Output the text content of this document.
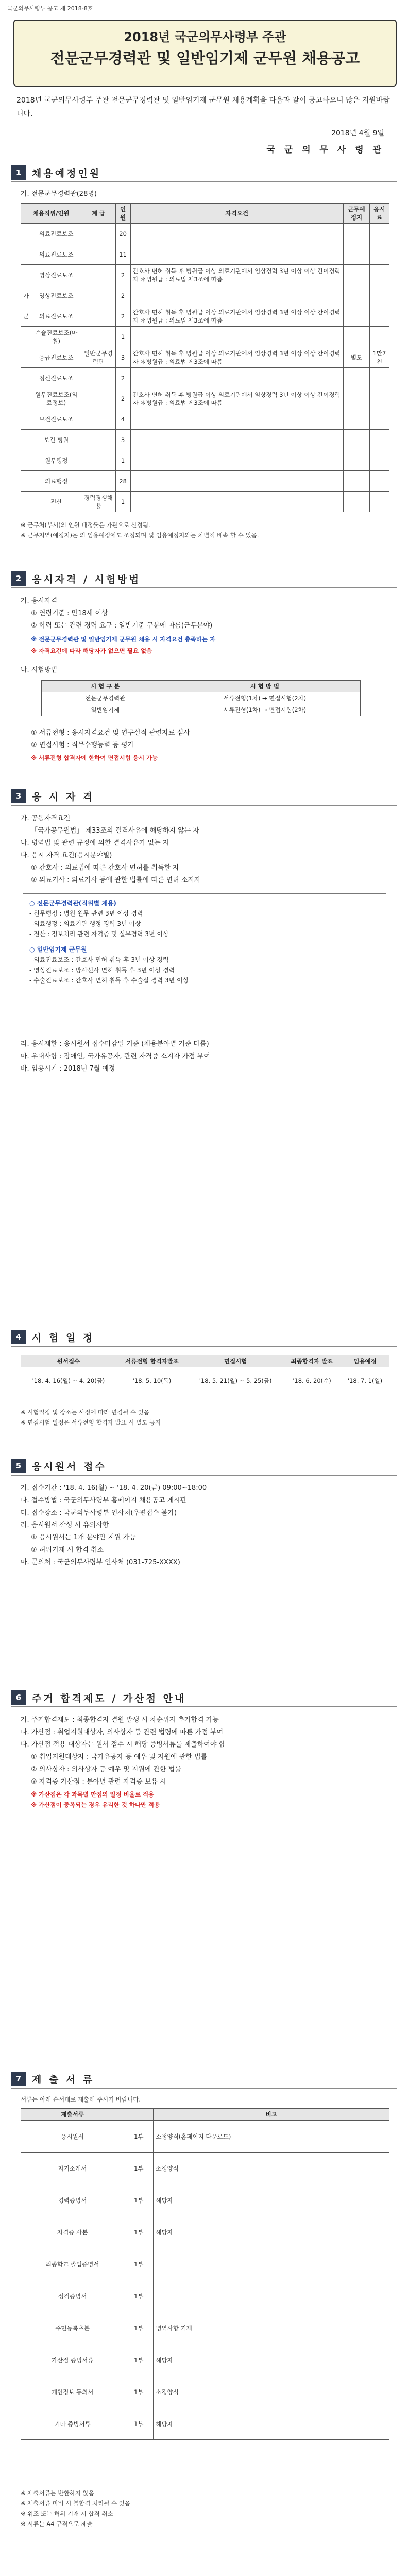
국군의무사령부 공고 제 2018-8호
2018년 국군의무사령부 주관
전문군무경력관 및 일반임기제 군무원 채용공고
2018년 국군의무사령부 주관 전문군무경력관 및 일반임기제 군무원 채용계획을 다음과 같이 공고하오니 많은 지원바랍니다.
2018년 4월 9일
국 군 의 무 사 령 관
1	채용예정인원
가. 전문군무경력관(28명)
채용직위/인원		계 급	인원	자격요건	근무예정지	응시료
	의료진료보조		20			
	의료진료보조		11			
	영상진료보조		2	간호사 면허 취득 후 병원급 이상 의료기관에서 임상경력 3년 이상 이상 간이경력자 ＊병원급 : 의료법 제3조에 따름		
가	영상진료보조		2			
군	의료진료보조		2	간호사 면허 취득 후 병원급 이상 의료기관에서 임상경력 3년 이상 이상 간이경력자 ＊병원급 : 의료법 제3조에 따름		
	수술진료보조(마취)		1			
	응급진료보조	일반군무경력관	3	간호사 면허 취득 후 병원급 이상 의료기관에서 임상경력 3년 이상 이상 간이경력자 ＊병원급 : 의료법 제3조에 따름	별도	1만7천
	정신진료보조		2			
	원무진료보조(의료정보)		2	간호사 면허 취득 후 병원급 이상 의료기관에서 임상경력 3년 이상 이상 간이경력자 ＊병원급 : 의료법 제3조에 따름		
	보건진료보조		4			
	보건 병원		3			
	원무행정		1			
	의료행정		28			
	전산	경력경쟁채용	1			
※ 근무처(부서)의 인원 배정률은 가관으로 산정됨.
※ 근무지역(예정지)은 의 임용예정에도 조정되며 및 임용예정지와는 차별적 배속 할 수 있음.
2	응시자격 / 시험방법
가. 응시자격
① 연령기준 : 만18세 이상
② 학력 또는 관련 경력 요구 : 일반기준 구분에 따름(근무분야)
※ 전문군무경력관 및 일반임기제 군무원 채용 시 자격요건 충족하는 자
※ 자격요건에 따라 해당자가 없으면 필요 없음
나. 시험방법
시 험 구 분	시 험 방 법
전문군무경력관	서류전형(1차) → 면접시험(2차)
일반임기제	서류전형(1차) → 면접시험(2차)
① 서류전형 : 응시자격요건 및 연구실적 관련자료 심사
② 면접시험 : 직무수행능력 등 평가
※ 서류전형 합격자에 한하여 면접시험 응시 가능
3	응 시 자 격
가. 공통자격요건
「국가공무원법」 제33조의 결격사유에 해당하지 않는 자
나. 병역법 및 관련 규정에 의한 결격사유가 없는 자
다. 응시 자격 요건(응시분야별)
① 간호사 : 의료법에 따른 간호사 면허를 취득한 자
② 의료기사 : 의료기사 등에 관한 법률에 따른 면허 소지자
○ 전문군무경력관(직위별 채용)
- 원무행정 : 병원 원무 관련 3년 이상 경력
- 의료행정 : 의료기관 행정 경력 3년 이상
- 전산 : 정보처리 관련 자격증 및 실무경력 3년 이상
○ 일반임기제 군무원
- 의료진료보조 : 간호사 면허 취득 후 3년 이상 경력
- 영상진료보조 : 방사선사 면허 취득 후 3년 이상 경력
- 수술진료보조 : 간호사 면허 취득 후 수술실 경력 3년 이상
라. 응시제한 : 응시원서 접수마감일 기준 (채용분야별 기준 다름)
마. 우대사항 : 장애인, 국가유공자, 관련 자격증 소지자 가점 부여
바. 임용시기 : 2018년 7월 예정
4	시 험 일 정
원서접수	서류전형 합격자발표	면접시험	최종합격자 발표	임용예정
'18. 4. 16(월) ~ 4. 20(금)	'18. 5. 10(목)	'18. 5. 21(월) ~ 5. 25(금)	'18. 6. 20(수)	'18. 7. 1(일)
※ 시험일정 및 장소는 사정에 따라 변경될 수 있음
※ 면접시험 일정은 서류전형 합격자 발표 시 별도 공지
5	응시원서 접수
가. 접수기간 : '18. 4. 16(월) ~ '18. 4. 20(금) 09:00~18:00
나. 접수방법 : 국군의무사령부 홈페이지 채용공고 게시판
다. 접수장소 : 국군의무사령부 인사처(우편접수 불가)
라. 응시원서 작성 시 유의사항
① 응시원서는 1개 분야만 지원 가능
② 허위기재 시 합격 취소
마. 문의처 : 국군의무사령부 인사처 (031-725-XXXX)
6	주거 합격제도 / 가산점 안내
가. 주거합격제도 : 최종합격자 결원 발생 시 차순위자 추가합격 가능
나. 가산점 : 취업지원대상자, 의사상자 등 관련 법령에 따른 가점 부여
다. 가산점 적용 대상자는 원서 접수 시 해당 증빙서류를 제출하여야 함
① 취업지원대상자 : 국가유공자 등 예우 및 지원에 관한 법률
② 의사상자 : 의사상자 등 예우 및 지원에 관한 법률
③ 자격증 가산점 : 분야별 관련 자격증 보유 시
※ 가산점은 각 과목별 만점의 일정 비율로 적용
※ 가산점이 중복되는 경우 유리한 것 하나만 적용
7	제 출 서 류
서류는 아래 순서대로 제출해 주시기 바랍니다.
제출서류		비고
응시원서	1부	소정양식(홈페이지 다운로드)
자기소개서	1부	소정양식
경력증명서	1부	해당자
자격증 사본	1부	해당자
최종학교 졸업증명서	1부	
성적증명서	1부	
주민등록초본	1부	병역사항 기재
가산점 증빙서류	1부	해당자
개인정보 동의서	1부	소정양식
기타 증빙서류	1부	해당자
※ 제출서류는 반환하지 않음
※ 제출서류 미비 시 불합격 처리될 수 있음
※ 위조 또는 허위 기재 시 합격 취소
※ 서류는 A4 규격으로 제출
